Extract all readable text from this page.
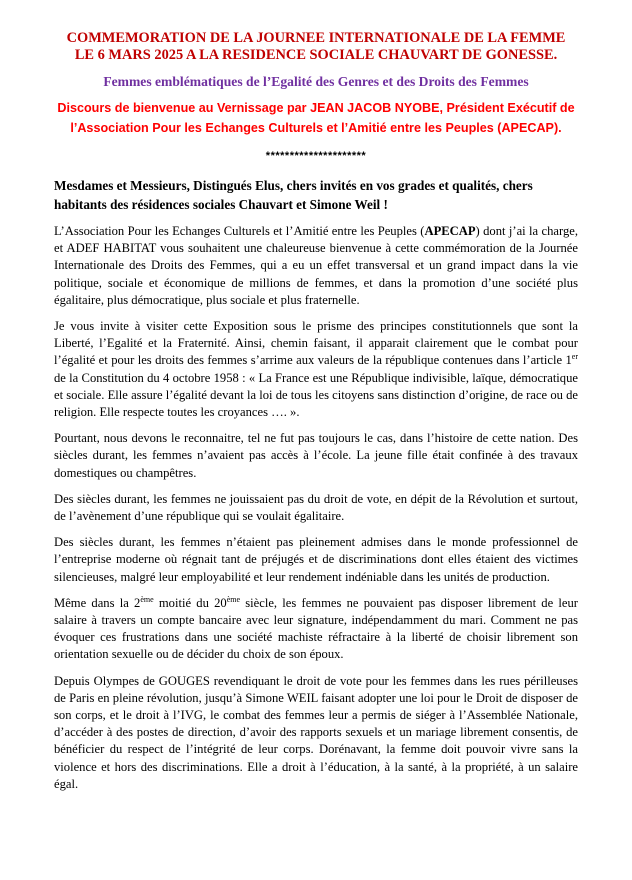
COMMEMORATION DE LA JOURNEE INTERNATIONALE DE LA FEMME
LE 6 MARS 2025 A LA RESIDENCE SOCIALE CHAUVART DE GONESSE.

Femmes emblématiques de l’Egalité des Genres et des Droits des Femmes

Discours de bienvenue au Vernissage par JEAN JACOB NYOBE, Président Exécutif de
l’Association Pour les Echanges Culturels et l’Amitié entre les Peuples (APECAP).

*********************

Mesdames et Messieurs, Distingués Elus, chers invités en vos grades et qualités, chers habitants des résidences sociales Chauvart et Simone Weil !

L’Association Pour les Echanges Culturels et l’Amitié entre les Peuples (APECAP) dont j’ai la charge, et ADEF HABITAT vous souhaitent une chaleureuse bienvenue à cette commémoration de la Journée Internationale des Droits des Femmes, qui a eu un effet transversal et un grand impact dans la vie politique, sociale et économique de millions de femmes, et dans la promotion d’une société plus égalitaire, plus démocratique, plus sociale et plus fraternelle.

Je vous invite à visiter cette Exposition sous le prisme des principes constitutionnels que sont la Liberté, l’Egalité et la Fraternité. Ainsi, chemin faisant, il apparait clairement que le combat pour l’égalité et pour les droits des femmes s’arrime aux valeurs de la république contenues dans l’article 1er de la Constitution du 4 octobre 1958 : « La France est une République indivisible, laïque, démocratique et sociale. Elle assure l’égalité devant la loi de tous les citoyens sans distinction d’origine, de race ou de religion. Elle respecte toutes les croyances …. ».

Pourtant, nous devons le reconnaitre, tel ne fut pas toujours le cas, dans l’histoire de cette nation. Des siècles durant, les femmes n’avaient pas accès à l’école. La jeune fille était confinée à des travaux domestiques ou champêtres.

Des siècles durant, les femmes ne jouissaient pas du droit de vote, en dépit de la Révolution et surtout, de l’avènement d’une république qui se voulait égalitaire.

Des siècles durant, les femmes n’étaient pas pleinement admises dans le monde professionnel de l’entreprise moderne où régnait tant de préjugés et de discriminations dont elles étaient des victimes silencieuses, malgré leur employabilité et leur rendement indéniable dans les unités de production.

Même dans la 2ème moitié du 20ème siècle, les femmes ne pouvaient pas disposer librement de leur salaire à travers un compte bancaire avec leur signature, indépendamment du mari. Comment ne pas évoquer ces frustrations dans une société machiste réfractaire à la liberté de choisir librement son orientation sexuelle ou de décider du choix de son époux.

Depuis Olympes de GOUGES revendiquant le droit de vote pour les femmes dans les rues périlleuses de Paris en pleine révolution, jusqu’à Simone WEIL faisant adopter une loi pour le Droit de disposer de son corps, et le droit à l’IVG, le combat des femmes leur a permis de siéger à l’Assemblée Nationale, d’accéder à des postes de direction, d’avoir des rapports sexuels et un mariage librement consentis, de bénéficier du respect de l’intégrité de leur corps. Dorénavant, la femme doit pouvoir vivre sans la violence et hors des discriminations. Elle a droit à l’éducation, à la santé, à la propriété, à un salaire égal.
